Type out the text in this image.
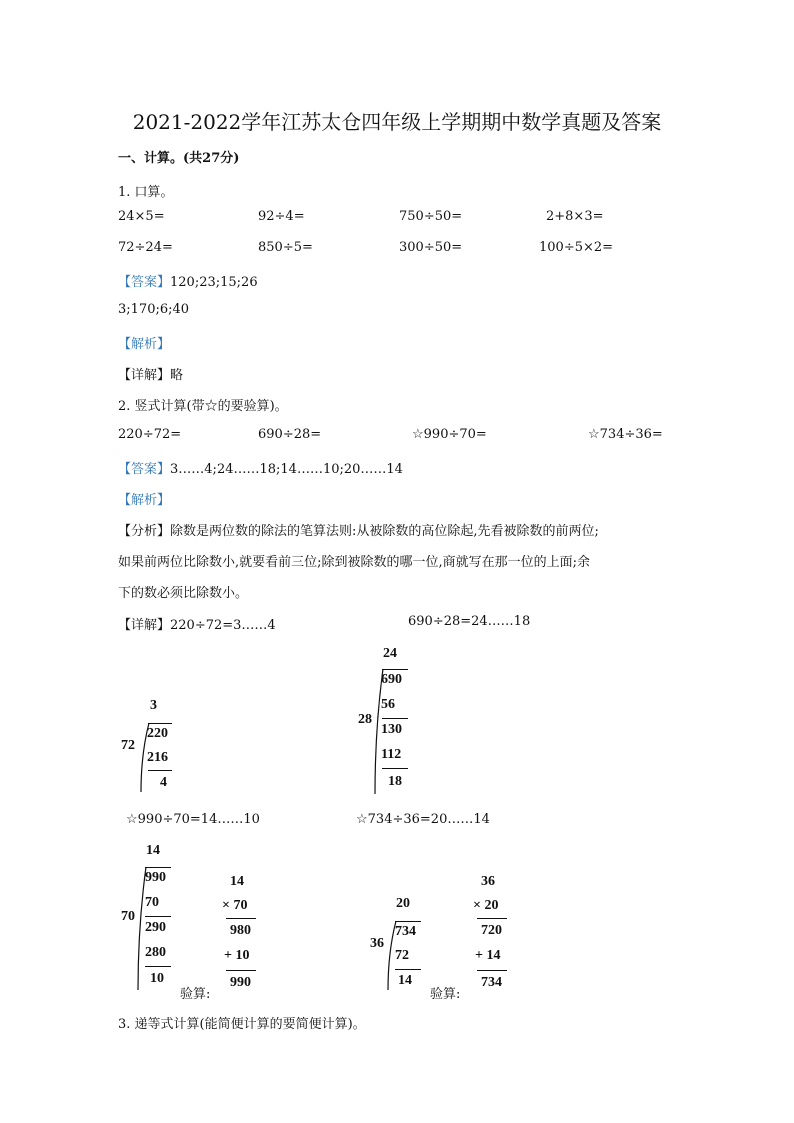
2021-2022学年江苏太仓四年级上学期期中数学真题及答案
一、计算。(共27分)
1. 口算。
24×5=	92÷4=	750÷50=	2+8×3=
72÷24=	850÷5=	300÷50=	100÷5×2=
【答案】120;23;15;26
3;170;6;40
【解析】
【详解】略
2. 竖式计算(带☆的要验算)。
220÷72=	690÷28=	☆990÷70=	☆734÷36=
【答案】3……4;24……18;14……10;20……14
【解析】
【分析】除数是两位数的除法的笔算法则:从被除数的高位除起,先看被除数的前两位;
如果前两位比除数小,就要看前三位;除到被除数的哪一位,商就写在那一位的上面;余
下的数必须比除数小。
【详解】220÷72=3……4	690÷28=24……18
3
72
220
216
4
24
28
690
56
130
112
18
☆990÷70=14……10	☆734÷36=20……14
14
70
990
70
290
280
10
14
× 70
980
+ 10
990
验算:
20
36
734
72
14
36
× 20
720
+ 14
734
验算:
3. 递等式计算(能简便计算的要简便计算)。
